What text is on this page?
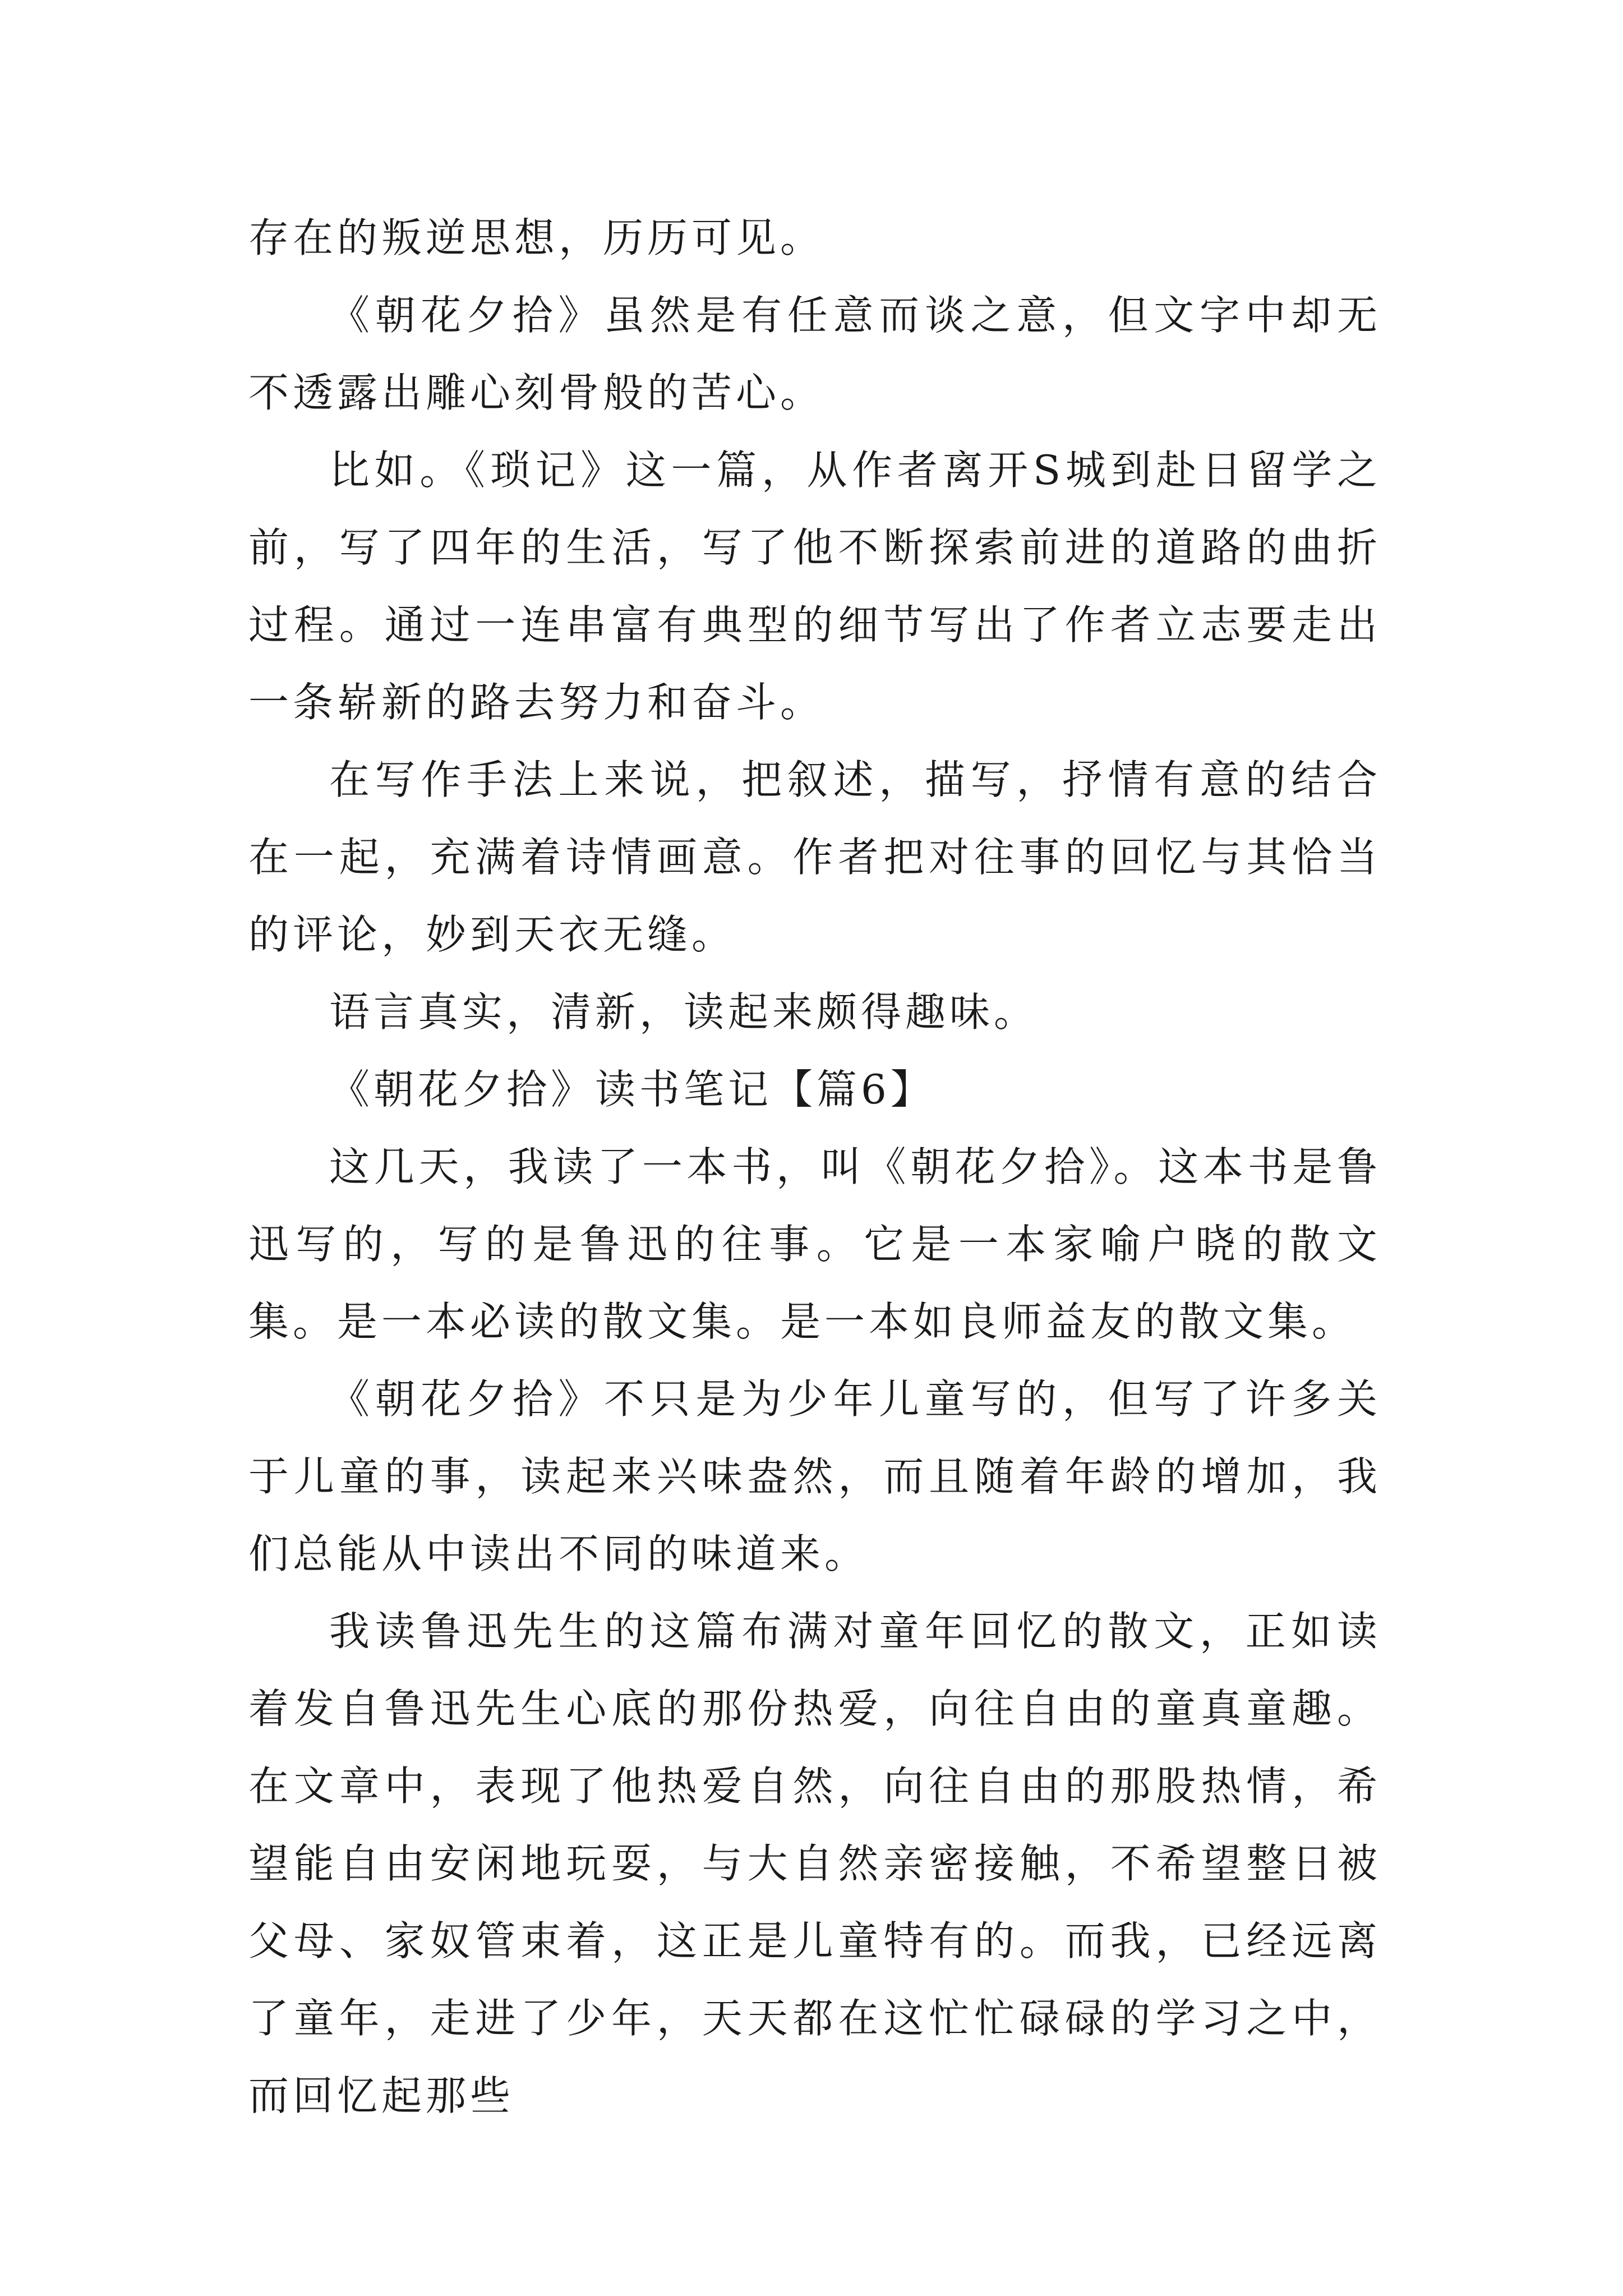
存在的叛逆思想，历历可见。

《朝花夕拾》虽然是有任意而谈之意，但文字中却无不透露出雕心刻骨般的苦心。

比如。《琐记》这一篇，从作者离开S城到赴日留学之前，写了四年的生活，写了他不断探索前进的道路的曲折过程。通过一连串富有典型的细节写出了作者立志要走出一条崭新的路去努力和奋斗。

在写作手法上来说，把叙述，描写，抒情有意的结合在一起，充满着诗情画意。作者把对往事的回忆与其恰当的评论，妙到天衣无缝。

语言真实，清新，读起来颇得趣味。

《朝花夕拾》读书笔记【篇6】

这几天，我读了一本书，叫《朝花夕拾》。这本书是鲁迅写的，写的是鲁迅的往事。它是一本家喻户晓的散文集。是一本必读的散文集。是一本如良师益友的散文集。

《朝花夕拾》不只是为少年儿童写的，但写了许多关于儿童的事，读起来兴味盎然，而且随着年龄的增加，我们总能从中读出不同的味道来。

我读鲁迅先生的这篇布满对童年回忆的散文，正如读着发自鲁迅先生心底的那份热爱，向往自由的童真童趣。在文章中，表现了他热爱自然，向往自由的那股热情，希望能自由安闲地玩耍，与大自然亲密接触，不希望整日被父母、家奴管束着，这正是儿童特有的。而我，已经远离了童年，走进了少年，天天都在这忙忙碌碌的学习之中，而回忆起那些
